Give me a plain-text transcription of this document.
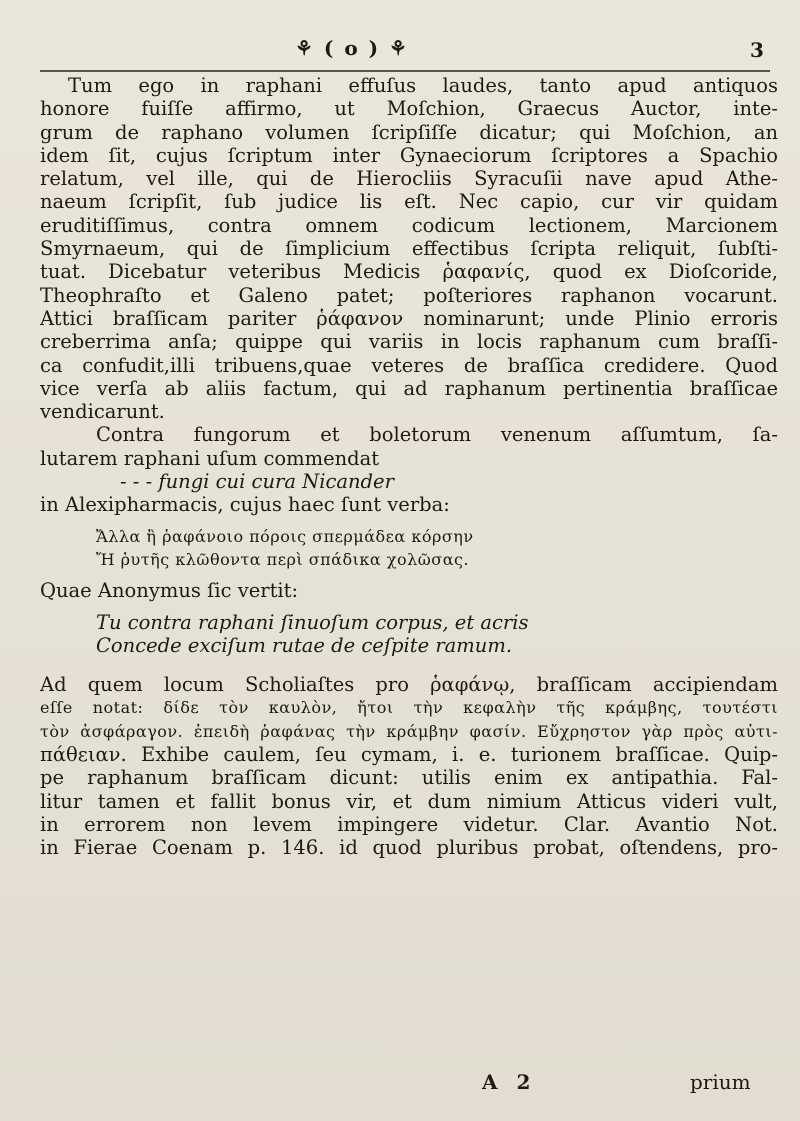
⚘ ( o ) ⚘	3
Tum ego in raphani effuſus laudes, tanto apud antiquos
honore fuiſſe affirmo, ut Moſchion, Graecus Auctor, inte-
grum de raphano volumen ſcripſiſſe dicatur; qui Moſchion, an
idem ſit, cujus ſcriptum inter Gynaeciorum ſcriptores a Spachio
relatum, vel ille, qui de Hierocliis Syracuſii nave apud Athe-
naeum ſcripſit, ſub judice lis eſt. Nec capio, cur vir quidam
eruditiſſimus, contra omnem codicum lectionem, Marcionem
Smyrnaeum, qui de ſimplicium effectibus ſcripta reliquit, ſubſti-
tuat. Dicebatur veteribus Medicis ῥαφανίς, quod ex Dioſcoride,
Theophraſto et Galeno patet; poſteriores raphanon vocarunt.
Attici braſſicam pariter ῥάφανον nominarunt; unde Plinio erroris
creberrima anſa; quippe qui variis in locis raphanum cum braſſi-
ca confudit,illi tribuens,quae veteres de braſſica credidere. Quod
vice verſa ab aliis factum, qui ad raphanum pertinentia braſſicae
vendicarunt.
Contra fungorum et boletorum venenum aſſumtum, ſa-
lutarem raphani uſum commendat
- - - fungi cui cura Nicander
in Alexipharmacis, cujus haec ſunt verba:
Ἄλλα ἢ ῥαφάνοιο πόροις σπερμάδεα κόρσην
Ἤ ῥυτῆς κλῶθοντα περὶ σπάδικα χολῶσας.
Quae Anonymus ſic vertit:
Tu contra raphani ſinuoſum corpus, et acris
Concede exciſum rutae de ceſpite ramum.
Ad quem locum Scholiaſtes pro ῥαφάνῳ, braſſicam accipiendam
eſſe notat: δίδε τὸν καυλὸν, ἤτοι τὴν κεφαλὴν τῆς κράμβης, τουτέστι
τὸν ἀσφάραγον. ἐπειδὴ ῥαφάνας τὴν κράμβην φασίν. Εὔχρηστον γὰρ πρὸς αὐτι-
πάθειαν. Exhibe caulem, ſeu cymam, i. e. turionem braſſicae. Quip-
pe raphanum braſſicam dicunt: utilis enim ex antipathia. Fal-
litur tamen et fallit bonus vir, et dum nimium Atticus videri vult,
in errorem non levem impingere videtur. Clar. Avantio Not.
in Fierae Coenam p. 146. id quod pluribus probat, oſtendens, pro-
A 2	prium
